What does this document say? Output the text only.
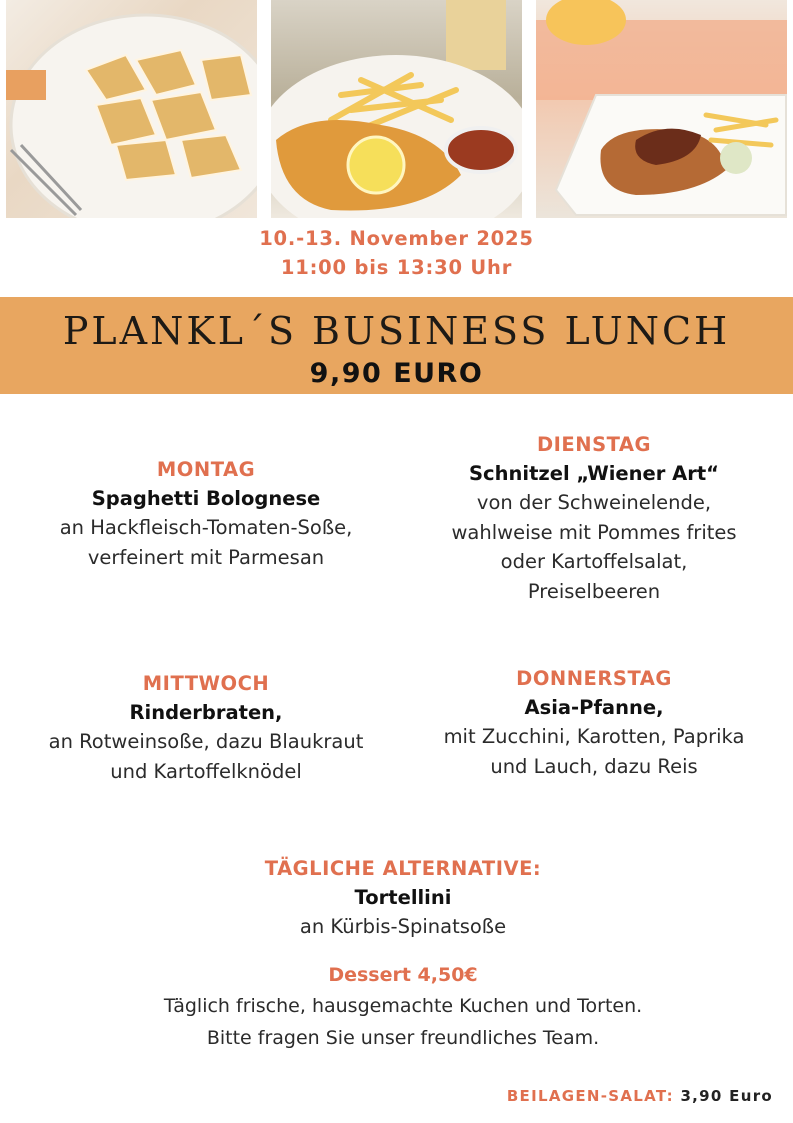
10.-13. November 2025
11:00 bis 13:30 Uhr
PLANKL´S BUSINESS LUNCH
9,90 EURO
MONTAG
Spaghetti Bolognese
an Hackfleisch-Tomaten-Soße,
verfeinert mit Parmesan
DIENSTAG
Schnitzel „Wiener Art“
von der Schweinelende,
wahlweise mit Pommes frites
oder Kartoffelsalat,
Preiselbeeren
MITTWOCH
Rinderbraten,
an Rotweinsoße, dazu Blaukraut
und Kartoffelknödel
DONNERSTAG
Asia-Pfanne,
mit Zucchini, Karotten, Paprika
und Lauch, dazu Reis
TÄGLICHE ALTERNATIVE:
Tortellini
an Kürbis-Spinatsoße
Dessert 4,50€
Täglich frische, hausgemachte Kuchen und Torten.
Bitte fragen Sie unser freundliches Team.
BEILAGEN-SALAT: 3,90 Euro
